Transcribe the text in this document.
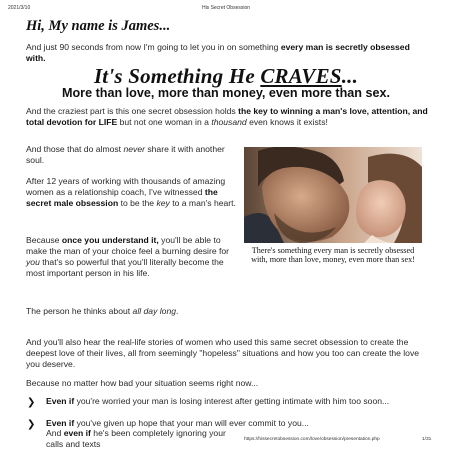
2021/3/10	His Secret Obsession
Hi, My name is James...
And just 90 seconds from now I'm going to let you in on something every man is secretly obsessed with.
It's Something He CRAVES...
More than love, more than money, even more than sex.
And the craziest part is this one secret obsession holds the key to winning a man's love, attention, and total devotion for LIFE but not one woman in a thousand even knows it exists!
And those that do almost never share it with another soul.
After 12 years of working with thousands of amazing women as a relationship coach, I've witnessed the secret male obsession to be the key to a man's heart.
Because once you understand it, you'll be able to make the man of your choice feel a burning desire for you that's so powerful that you'll literally become the most important person in his life.
The person he thinks about all day long.
There's something every man is secretly obsessed with, more than love, money, even more than sex!
And you'll also hear the real-life stories of women who used this same secret obsession to create the deepest love of their lives, all from seemingly "hopeless" situations and how you too can create the love you deserve.
Because no matter how bad your situation seems right now...
❯ Even if you're worried your man is losing interest after getting intimate with him too soon...
❯ Even if you've given up hope that your man will ever commit to you...
And even if he's been completely ignoring your calls and texts	https://hissecretobsession.com/love/obsession/presentation.php	1/31
